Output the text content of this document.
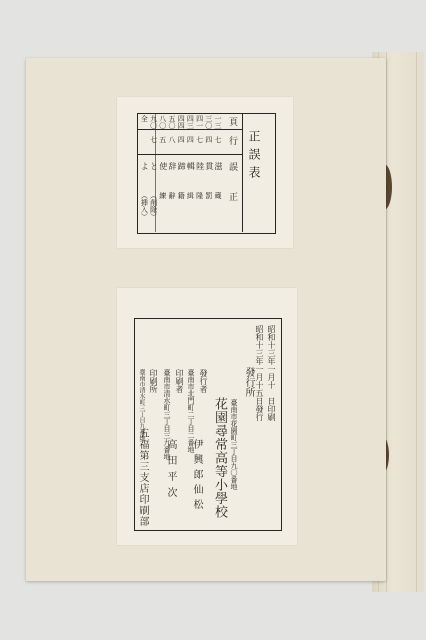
正誤表
頁
行
誤
正
一三
七
滋
蔵
三〇
四
貫
罰
四一
七
陸
隆
四三
四
輯
緝
四四
四
蹄
籍
五〇
八
辞
辭
八〇
五
使
練
九〇
七
と
（削除）
全
よ
（挿入）
昭和十三年一月十　日印刷
昭和十三年一月十五日發行
發行所
臺南市花園町三丁目九〇番地
花園尋常高等小學校
發行者
臺南市北門町二丁目二番地
伊興郎仙松
印刷者
臺南市清水町三丁目三九番地
高田平次
印刷所
臺南市清水町三丁目九番地
五福第三支店印刷部
